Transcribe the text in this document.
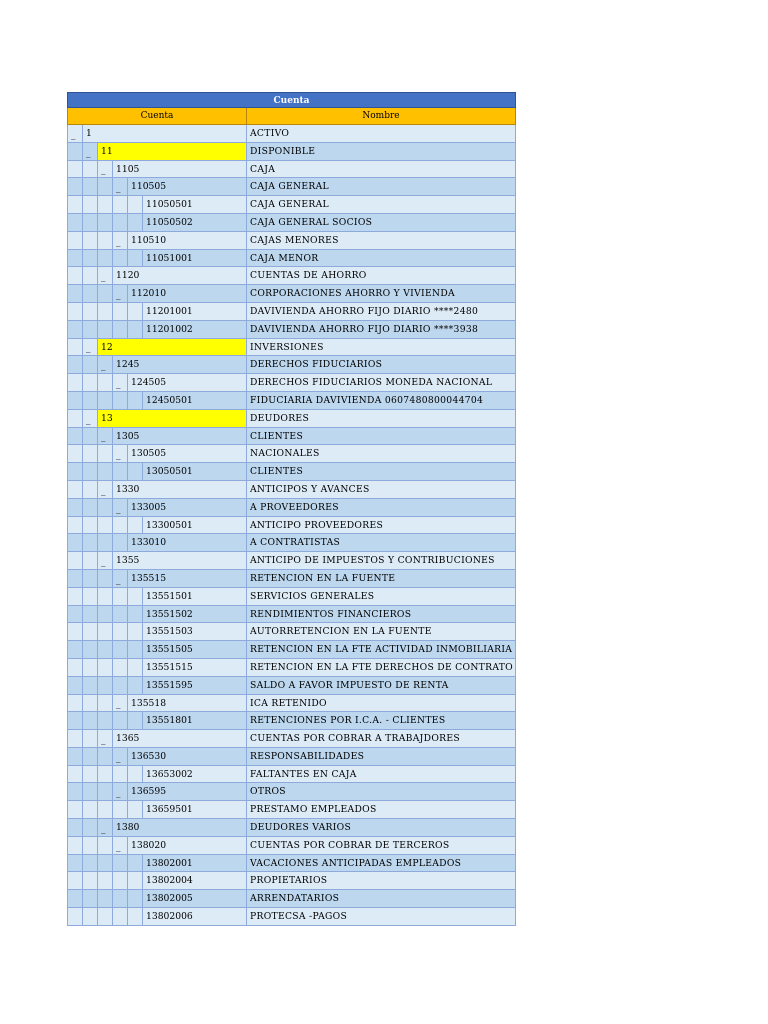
Cuenta
Cuenta	Nombre
_	1	ACTIVO
_	11	DISPONIBLE
_	1105	CAJA
_	110505	CAJA GENERAL
11050501	CAJA GENERAL
11050502	CAJA GENERAL SOCIOS
_	110510	CAJAS MENORES
11051001	CAJA MENOR
_	1120	CUENTAS DE AHORRO
_	112010	CORPORACIONES AHORRO Y VIVIENDA
11201001	DAVIVIENDA AHORRO FIJO DIARIO ****2480
11201002	DAVIVIENDA AHORRO FIJO DIARIO ****3938
_	12	INVERSIONES
_	1245	DERECHOS FIDUCIARIOS
_	124505	DERECHOS FIDUCIARIOS MONEDA NACIONAL
12450501	FIDUCIARIA DAVIVIENDA 0607480800044704
_	13	DEUDORES
_	1305	CLIENTES
_	130505	NACIONALES
13050501	CLIENTES
_	1330	ANTICIPOS Y AVANCES
_	133005	A PROVEEDORES
13300501	ANTICIPO PROVEEDORES
133010	A CONTRATISTAS
_	1355	ANTICIPO DE IMPUESTOS Y CONTRIBUCIONES
_	135515	RETENCION EN LA FUENTE
13551501	SERVICIOS GENERALES
13551502	RENDIMIENTOS FINANCIEROS
13551503	AUTORRETENCION EN LA FUENTE
13551505	RETENCION EN LA FTE ACTIVIDAD INMOBILIARIA
13551515	RETENCION EN LA FTE DERECHOS DE CONTRATO
13551595	SALDO A FAVOR IMPUESTO DE RENTA
_	135518	ICA RETENIDO
13551801	RETENCIONES POR I.C.A. - CLIENTES
_	1365	CUENTAS POR COBRAR A TRABAJDORES
_	136530	RESPONSABILIDADES
13653002	FALTANTES EN CAJA
_	136595	OTROS
13659501	PRESTAMO EMPLEADOS
_	1380	DEUDORES VARIOS
_	138020	CUENTAS POR COBRAR DE TERCEROS
13802001	VACACIONES ANTICIPADAS EMPLEADOS
13802004	PROPIETARIOS
13802005	ARRENDATARIOS
13802006	PROTECSA -PAGOS
